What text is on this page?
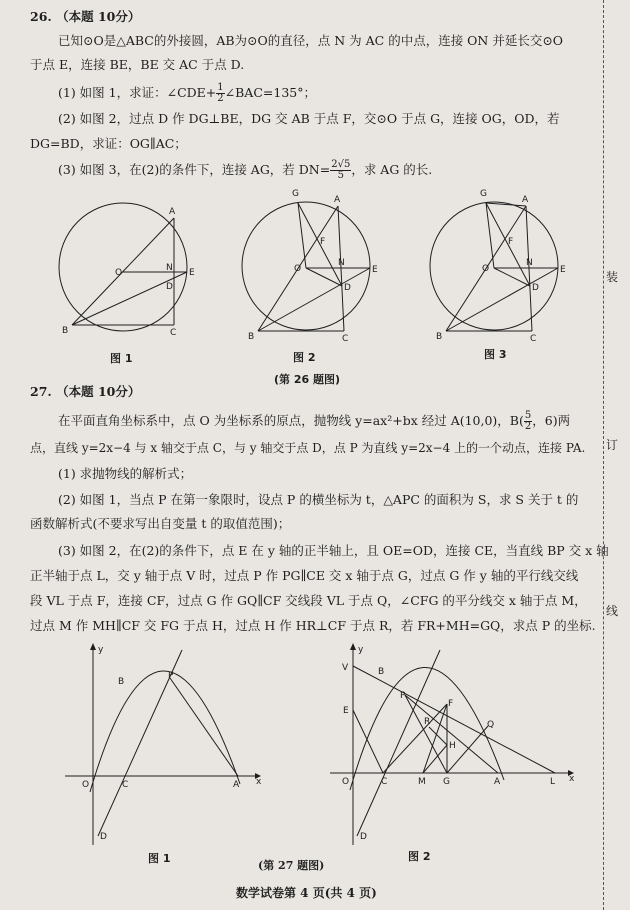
26. （本题 10分）
已知⊙O是△ABC的外接圆，AB为⊙O的直径，点 N 为 AC 的中点，连接 ON 并延长交⊙O
于点 E，连接 BE，BE 交 AC 于点 D.
(1) 如图 1，求证：∠CDE+ $\frac{1}{2}$ ∠BAC=135°；
(2) 如图 2，过点 D 作 DG⊥BE，DG 交 AB 于点 F，交⊙O 于点 G，连接 OG，OD，若
DG=BD，求证：OG∥AC；
(3) 如图 3，在(2)的条件下，连接 AG，若 $DN= \frac{2√5}{5}$ ，求 AG 的长.
A
B	C
O	N E
D
图 1
A
B	C
O
N
E
D
F
G
图 2
(第 26 题图)
A
B	C
O
N
E
D
F
G
图 3
27. （本题 10分）
在平面直角坐标系中，点 O 为坐标系的原点，抛物线 y=ax²+bx 经过 A(10,0)，$B( \frac{5}{2}$ ，6)两
点，直线 y=2x−4 与 x 轴交于点 C，与 y 轴交于点 D，点 P 为直线 y=2x−4 上的一个动点，连接 PA.
(1) 求抛物线的解析式；
(2) 如图 1，当点 P 在第一象限时，设点 P 的横坐标为 t，△APC 的面积为 S，求 S 关于 t 的
函数解析式(不要求写出自变量 t 的取值范围)；
(3) 如图 2，在(2)的条件下，点 E 在 y 轴的正半轴上，且 OE=OD，连接 CE，当直线 BP 交 x 轴
正半轴于点 L，交 y 轴于点 V 时，过点 P 作 PG∥CE 交 x 轴于点 G，过点 G 作 y 轴的平行线交线
段 VL 于点 F，连接 CF，过点 G 作 GQ∥CF 交线段 VL 于点 Q，∠CFG 的平分线交 x 轴于点 M，
过点 M 作 MH∥CF 交 FG 于点 H，过点 H 作 HR⊥CF 于点 R，若 FR+MH=GQ，求点 P 的坐标.
P
B
O	C	A x
y
D
图 1
V	B
E
P
F
Q
R
H
O	C	M G	A	L x
y
D
图 2
(第 27 题图)
数学试卷第 4 页(共 4 页)
装
订
线
